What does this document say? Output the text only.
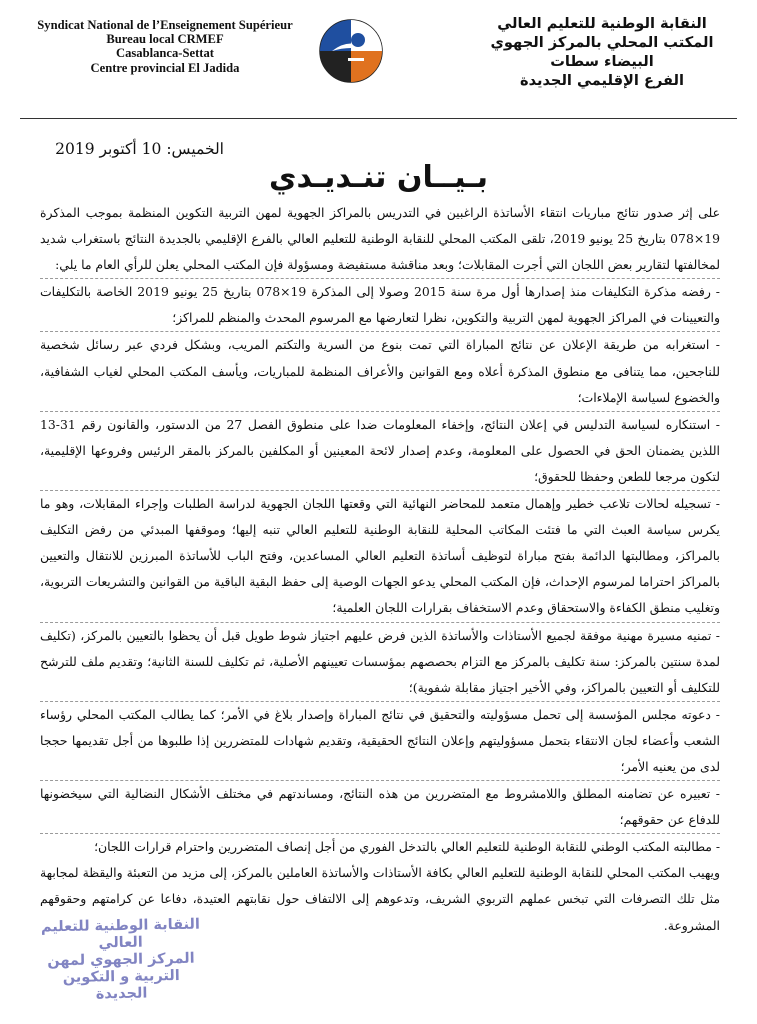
Syndicat National de l’Enseignement Supérieur
Bureau local CRMEF
Casablanca-Settat
Centre provincial El Jadida
النقابة الوطنية للتعليم العالي
المكتب المحلي بالمركز الجهوي
البيضاء سطات
الفرع الإقليمي الجديدة
الخميس: 10 أكتوبر 2019
بـيــان تنـديـدي

على إثر صدور نتائج مباريات انتقاء الأساتذة الراغبين في التدريس بالمراكز الجهوية لمهن التربية التكوين المنظمة بموجب المذكرة 19×078 بتاريخ 25 يونيو 2019، تلقى المكتب المحلي للنقابة الوطنية للتعليم العالي بالفرع الإقليمي بالجديدة النتائج باستغراب شديد لمخالفتها لتقارير بعض اللجان التي أجرت المقابلات؛ وبعد مناقشة مستفيضة ومسؤولة فإن المكتب المحلي يعلن للرأي العام ما يلي:

- رفضه مذكرة التكليفات منذ إصدارها أول مرة سنة 2015 وصولا إلى المذكرة 19×078 بتاريخ 25 يونيو 2019 الخاصة بالتكليفات والتعيينات في المراكز الجهوية لمهن التربية والتكوين، نظرا لتعارضها مع المرسوم المحدث والمنظم للمراكز؛

- استغرابه من طريقة الإعلان عن نتائج المباراة التي تمت بنوع من السرية والتكتم المريب، وبشكل فردي عبر رسائل شخصية للناجحين، مما يتنافى مع منطوق المذكرة أعلاه ومع القوانين والأعراف المنظمة للمباريات، ويأسف المكتب المحلي لغياب الشفافية، والخضوع لسياسة الإملاءات؛

- استنكاره لسياسة التدليس في إعلان النتائج، وإخفاء المعلومات ضدا على منطوق الفصل 27 من الدستور، والقانون رقم 31-13 اللذين يضمنان الحق في الحصول على المعلومة، وعدم إصدار لائحة المعينين أو المكلفين بالمركز بالمقر الرئيس وفروعها الإقليمية، لتكون مرجعا للطعن وحفظا للحقوق؛

- تسجيله لحالات تلاعب خطير وإهمال متعمد للمحاضر النهائية التي وقعتها اللجان الجهوية لدراسة الطلبات وإجراء المقابلات، وهو ما يكرس سياسة العبث التي ما فتئت المكاتب المحلية للنقابة الوطنية للتعليم العالي تنبه إليها؛ وموقفها المبدئي من رفض التكليف بالمراكز، ومطالبتها الدائمة بفتح مباراة لتوظيف أساتذة التعليم العالي المساعدين، وفتح الباب للأساتذة المبرزين للانتقال والتعيين بالمراكز احتراما لمرسوم الإحداث، فإن المكتب المحلي يدعو الجهات الوصية إلى حفظ البقية الباقية من القوانين والتشريعات التربوية، وتغليب منطق الكفاءة والاستحقاق وعدم الاستخفاف بقرارات اللجان العلمية؛

- تمنيه مسيرة مهنية موفقة لجميع الأستاذات والأساتذة الذين فرض عليهم اجتياز شوط طويل قبل أن يحظوا بالتعيين بالمركز، (تكليف لمدة سنتين بالمركز: سنة تكليف بالمركز مع التزام بحصصهم بمؤسسات تعيينهم الأصلية، ثم تكليف للسنة الثانية؛ وتقديم ملف للترشح للتكليف أو التعيين بالمراكز، وفي الأخير اجتياز مقابلة شفوية)؛

- دعوته مجلس المؤسسة إلى تحمل مسؤوليته والتحقيق في نتائج المباراة وإصدار بلاغ في الأمر؛ كما يطالب المكتب المحلي رؤساء الشعب وأعضاء لجان الانتقاء بتحمل مسؤوليتهم وإعلان النتائج الحقيقية، وتقديم شهادات للمتضررين إذا طلبوها من أجل تقديمها حججا لدى من يعنيه الأمر؛

- تعبيره عن تضامنه المطلق واللامشروط مع المتضررين من هذه النتائج، ومساندتهم في مختلف الأشكال النضالية التي سيخضونها للدفاع عن حقوقهم؛

- مطالبته المكتب الوطني للنقابة الوطنية للتعليم العالي بالتدخل الفوري من أجل إنصاف المتضررين واحترام قرارات اللجان؛

ويهيب المكتب المحلي للنقابة الوطنية للتعليم العالي بكافة الأستاذات والأساتذة العاملين بالمركز، إلى مزيد من التعبئة واليقظة لمجابهة مثل تلك التصرفات التي تبخس عملهم التربوي الشريف، وتدعوهم إلى الالتفاف حول نقابتهم العتيدة، دفاعا عن كرامتهم وحقوقهم المشروعة.

النقابة الوطنية للتعليم العالي
المركز الجهوي لمهن
التربية و التكوين
الجديدة
